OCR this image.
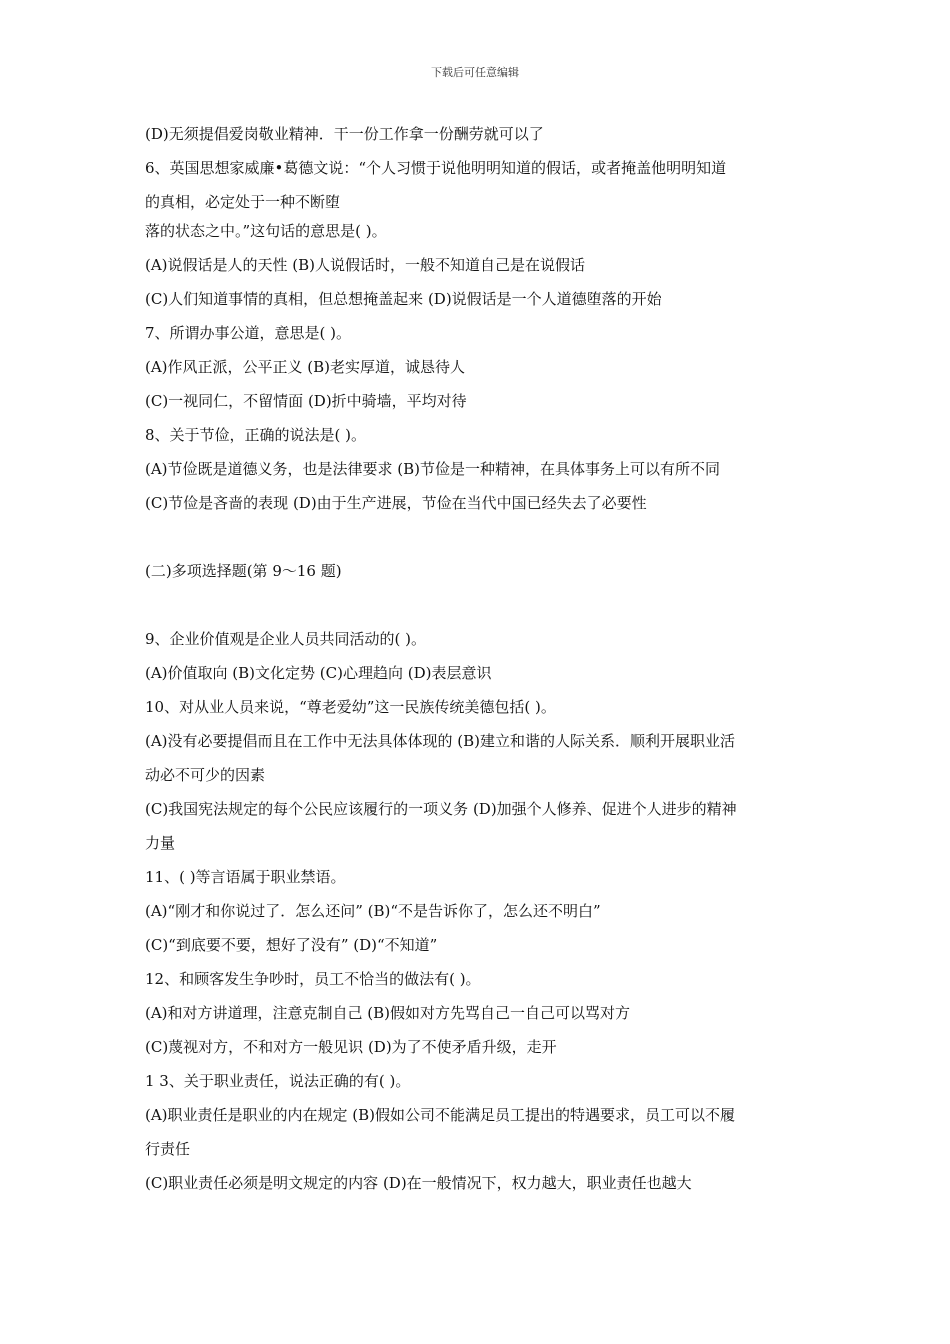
下载后可任意编辑
(D)无须提倡爱岗敬业精神．干一份工作拿一份酬劳就可以了
6、英国思想家威廉•葛德文说：“个人习惯于说他明明知道的假话，或者掩盖他明明知道
的真相，必定处于一种不断堕
落的状态之中。”这句话的意思是( )。
(A)说假话是人的天性 (B)人说假话时，一般不知道自己是在说假话
(C)人们知道事情的真相，但总想掩盖起来 (D)说假话是一个人道德堕落的开始
7、所谓办事公道，意思是( )。
(A)作风正派，公平正义 (B)老实厚道，诚恳待人
(C)一视同仁，不留情面 (D)折中骑墙，平均对待
8、关于节俭，正确的说法是( )。
(A)节俭既是道德义务，也是法律要求 (B)节俭是一种精神，在具体事务上可以有所不同
(C)节俭是吝啬的表现 (D)由于生产进展，节俭在当代中国已经失去了必要性
(二)多项选择题(第 9～16 题)
9、企业价值观是企业人员共同活动的( )。
(A)价值取向 (B)文化定势 (C)心理趋向 (D)表层意识
10、对从业人员来说，“尊老爱幼”这一民族传统美德包括( )。
(A)没有必要提倡而且在工作中无法具体体现的 (B)建立和谐的人际关系．顺利开展职业活
动必不可少的因素
(C)我国宪法规定的每个公民应该履行的一项义务 (D)加强个人修养、促进个人进步的精神
力量
11、( )等言语属于职业禁语。
(A)“刚才和你说过了．怎么还问” (B)“不是告诉你了，怎么还不明白”
(C)“到底要不要，想好了没有” (D)“不知道”
12、和顾客发生争吵时，员工不恰当的做法有( )。
(A)和对方讲道理，注意克制自己 (B)假如对方先骂自己一自己可以骂对方
(C)蔑视对方，不和对方一般见识 (D)为了不使矛盾升级，走开
1 3、关于职业责任，说法正确的有( )。
(A)职业责任是职业的内在规定 (B)假如公司不能满足员工提出的特遇要求，员工可以不履
行责任
(C)职业责任必须是明文规定的内容 (D)在一般情况下，权力越大，职业责任也越大
